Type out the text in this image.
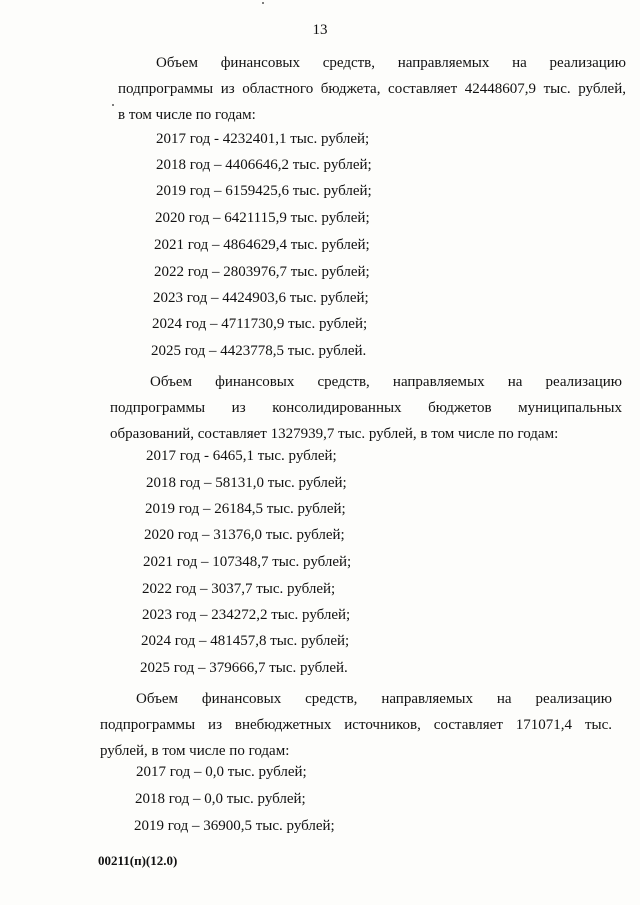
13
Объем финансовых средств, направляемых на реализацию
подпрограммы из областного бюджета, составляет 42448607,9 тыс. рублей,
в том числе по годам:
2017 год - 4232401,1 тыс. рублей;
2018 год – 4406646,2 тыс. рублей;
2019 год – 6159425,6 тыс. рублей;
2020 год – 6421115,9 тыс. рублей;
2021 год – 4864629,4 тыс. рублей;
2022 год – 2803976,7 тыс. рублей;
2023 год – 4424903,6 тыс. рублей;
2024 год – 4711730,9 тыс. рублей;
2025 год – 4423778,5 тыс. рублей.
Объем финансовых средств, направляемых на реализацию
подпрограммы из консолидированных бюджетов муниципальных
образований, составляет 1327939,7 тыс. рублей, в том числе по годам:
2017 год - 6465,1 тыс. рублей;
2018 год – 58131,0 тыс. рублей;
2019 год – 26184,5 тыс. рублей;
2020 год – 31376,0 тыс. рублей;
2021 год – 107348,7 тыс. рублей;
2022 год – 3037,7 тыс. рублей;
2023 год – 234272,2 тыс. рублей;
2024 год – 481457,8 тыс. рублей;
2025 год – 379666,7 тыс. рублей.
Объем финансовых средств, направляемых на реализацию
подпрограммы из внебюджетных источников, составляет 171071,4 тыс.
рублей, в том числе по годам:
2017 год – 0,0 тыс. рублей;
2018 год – 0,0 тыс. рублей;
2019 год – 36900,5 тыс. рублей;
00211(п)(12.0)
